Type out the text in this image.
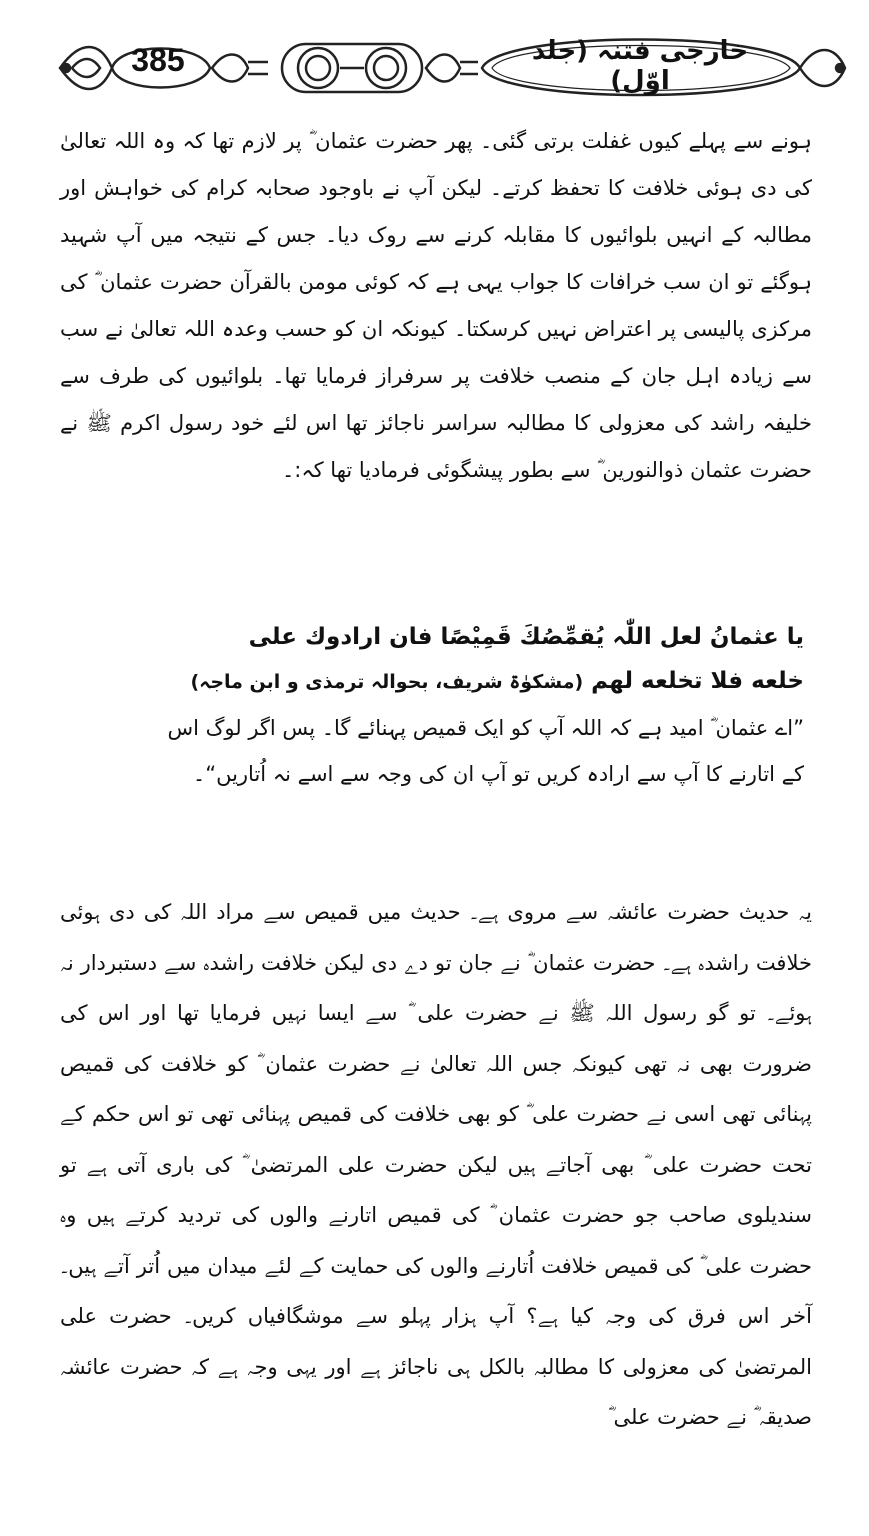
385	خارجی فتنہ (جلد اوّل)

ہونے سے پہلے کیوں غفلت برتی گئی۔ پھر حضرت عثمان ؓ پر لازم تھا کہ وہ اللہ تعالیٰ کی دی ہوئی خلافت کا تحفظ کرتے۔ لیکن آپ نے باوجود صحابہ کرام کی خواہش اور مطالبہ کے انہیں بلوائیوں کا مقابلہ کرنے سے روک دیا۔ جس کے نتیجہ میں آپ شہید ہوگئے تو ان سب خرافات کا جواب یہی ہے کہ کوئی مومن بالقرآن حضرت عثمان ؓ کی مرکزی پالیسی پر اعتراض نہیں کرسکتا۔ کیونکہ ان کو حسب وعدہ اللہ تعالیٰ نے سب سے زیادہ اہل جان کے منصب خلافت پر سرفراز فرمایا تھا۔ بلوائیوں کی طرف سے خلیفہ راشد کی معزولی کا مطالبہ سراسر ناجائز تھا اس لئے خود رسول اکرم ﷺ نے حضرت عثمان ذوالنورین ؓ سے بطور پیشگوئی فرمادیا تھا کہ:۔

یا عثمانُ لعل اللّٰہ یُقمِّصُكَ قَمِیْصًا فان ارادوك علی

خلعه فلا تخلعه لهم (مشکوٰۃ شریف، بحوالہ ترمذی و ابن ماجہ)

”اے عثمان ؓ امید ہے کہ اللہ آپ کو ایک قمیص پہنائے گا۔ پس اگر لوگ اس کے اتارنے کا آپ سے ارادہ کریں تو آپ ان کی وجہ سے اسے نہ اُتاریں“۔

یہ حدیث حضرت عائشہ سے مروی ہے۔ حدیث میں قمیص سے مراد اللہ کی دی ہوئی خلافت راشدہ ہے۔ حضرت عثمان ؓ نے جان تو دے دی لیکن خلافت راشدہ سے دستبردار نہ ہوئے۔ تو گو رسول اللہ ﷺ نے حضرت علی ؓ سے ایسا نہیں فرمایا تھا اور اس کی ضرورت بھی نہ تھی کیونکہ جس اللہ تعالیٰ نے حضرت عثمان ؓ کو خلافت کی قمیص پہنائی تھی اسی نے حضرت علی ؓ کو بھی خلافت کی قمیص پہنائی تھی تو اس حکم کے تحت حضرت علی ؓ بھی آجاتے ہیں لیکن حضرت علی المرتضیٰ ؓ کی باری آتی ہے تو سندیلوی صاحب جو حضرت عثمان ؓ کی قمیص اتارنے والوں کی تردید کرتے ہیں وہ حضرت علی ؓ کی قمیص خلافت اُتارنے والوں کی حمایت کے لئے میدان میں اُتر آتے ہیں۔ آخر اس فرق کی وجہ کیا ہے؟ آپ ہزار پہلو سے موشگافیاں کریں۔ حضرت علی المرتضیٰ کی معزولی کا مطالبہ بالکل ہی ناجائز ہے اور یہی وجہ ہے کہ حضرت عائشہ صدیقہ ؓ نے حضرت علی ؓ
